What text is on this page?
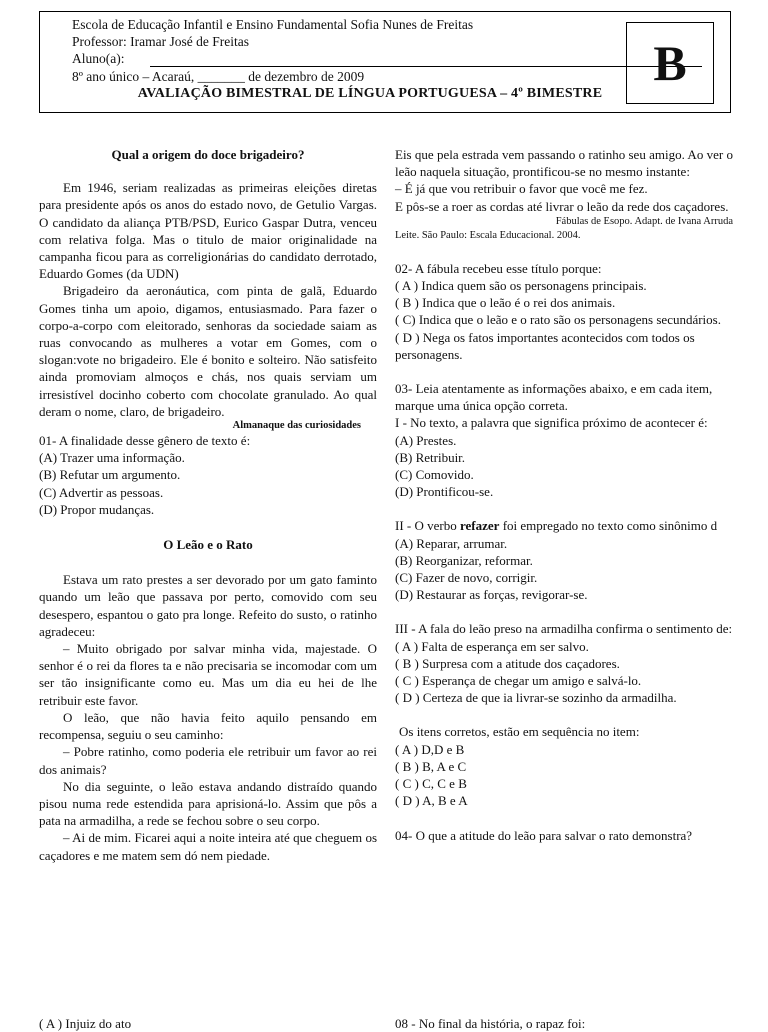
Escola de Educação Infantil e Ensino Fundamental Sofia Nunes de Freitas
Professor: Iramar José de Freitas
Aluno(a):
8º ano único – Acaraú, _______ de dezembro de 2009
AVALIAÇÃO BIMESTRAL DE LÍNGUA PORTUGUESA – 4º BIMESTRE
B

Qual a origem do doce brigadeiro?

Em 1946, seriam realizadas as primeiras eleições diretas para presidente após os anos do estado novo, de Getulio Vargas. O candidato da aliança PTB/PSD, Eurico Gaspar Dutra, venceu com relativa folga. Mas o titulo de maior originalidade na campanha ficou para as correligionárias do candidato derrotado, Eduardo Gomes (da UDN)

Brigadeiro da aeronáutica, com pinta de galã, Eduardo Gomes tinha um apoio, digamos, entusiasmado. Para fazer o corpo-a-corpo com eleitorado, senhoras da sociedade saiam as ruas convocando as mulheres a votar em Gomes, com o slogan:vote no brigadeiro. Ele é bonito e solteiro. Não satisfeito ainda promoviam almoços e chás, nos quais serviam um irresistível docinho coberto com chocolate granulado. Ao qual deram o nome, claro, de brigadeiro.

Almanaque das curiosidades

01- A finalidade desse gênero de texto é:

(A) Trazer uma informação.

(B) Refutar um argumento.

(C) Advertir as pessoas.

(D) Propor mudanças.

O Leão e o Rato

Estava um rato prestes a ser devorado por um gato faminto quando um leão que passava por perto, comovido com seu desespero, espantou o gato pra longe. Refeito do susto, o ratinho agradeceu:

– Muito obrigado por salvar minha vida, majestade. O senhor é o rei da flores ta e não precisaria se incomodar com um ser tão insignificante como eu. Mas um dia eu hei de lhe retribuir este favor.

O leão, que não havia feito aquilo pensando em recompensa, seguiu o seu caminho:

– Pobre ratinho, como poderia ele retribuir um favor ao rei dos animais?

No dia seguinte, o leão estava andando distraído quando pisou numa rede estendida para aprisioná-lo. Assim que pôs a pata na armadilha, a rede se fechou sobre o seu corpo.

– Ai de mim. Ficarei aqui a noite inteira até que cheguem os caçadores e me matem sem dó nem piedade.

Eis que pela estrada vem passando o ratinho seu amigo. Ao ver o leão naquela situação, prontificou-se no mesmo instante:

– É já que vou retribuir o favor que você me fez.

E pôs-se a roer as cordas até livrar o leão da rede dos caçadores.

Fábulas de Esopo. Adapt. de Ivana Arruda

Leite. São Paulo: Escala Educacional. 2004.

02- A fábula recebeu esse título porque:

( A ) Indica quem são os personagens principais.

( B ) Indica que o leão é o rei dos animais.

( C) Indica que o leão e o rato são os personagens secundários.

( D ) Nega os fatos importantes acontecidos com todos os personagens.

03- Leia atentamente as informações abaixo, e em cada item, marque uma única opção correta.

I - No texto, a palavra que significa próximo de acontecer é:

(A) Prestes.

(B) Retribuir.

(C) Comovido.

(D) Prontificou-se.

II - O verbo refazer foi empregado no texto como sinônimo d

(A) Reparar, arrumar.

(B) Reorganizar, reformar.

(C) Fazer de novo, corrigir.

(D) Restaurar as forças, revigorar-se.

III - A fala do leão preso na armadilha confirma o sentimento de:

( A ) Falta de esperança em ser salvo.

( B ) Surpresa com a atitude dos caçadores.

( C ) Esperança de chegar um amigo e salvá-lo.

( D ) Certeza de que ia livrar-se sozinho da armadilha.

Os itens corretos, estão em sequência no item:

( A ) D,D e B

( B ) B, A e C

( C ) C, C e B

( D ) A, B e A

04- O que a atitude do leão para salvar o rato demonstra?

( A ) Injuiz do ato	08 - No final da história, o rapaz foi:
